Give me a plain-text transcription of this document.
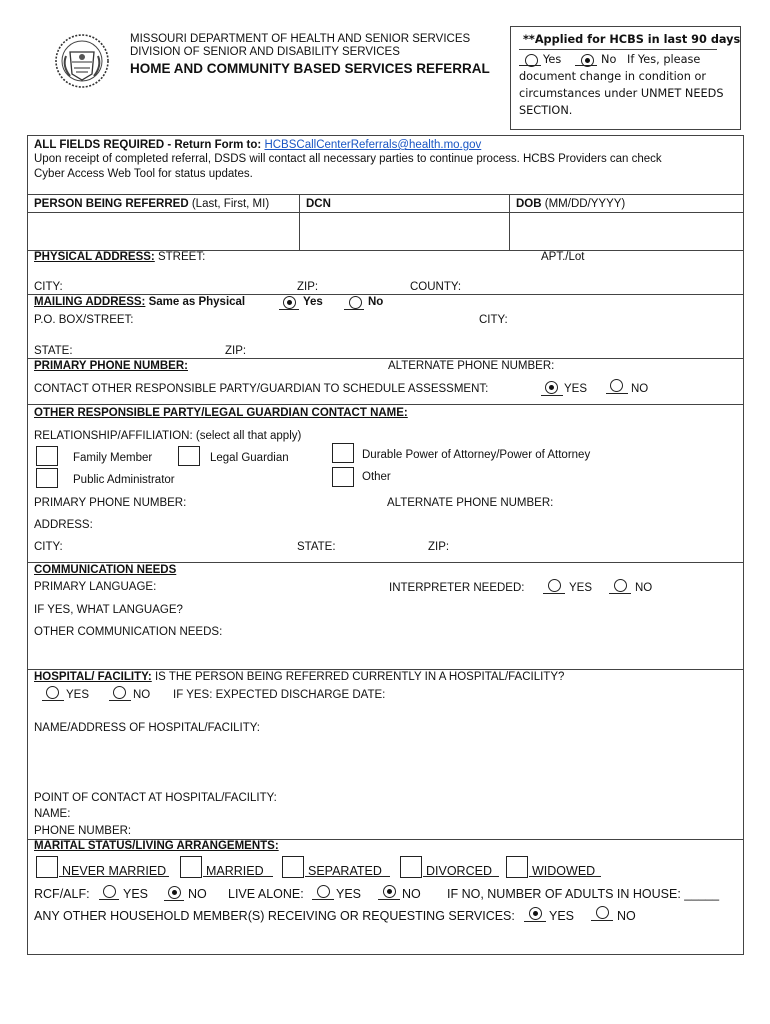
MISSOURI DEPARTMENT OF HEALTH AND SENIOR SERVICES
DIVISION OF SENIOR AND DISABILITY SERVICES
HOME AND COMMUNITY BASED SERVICES REFERRAL
**Applied for HCBS in last 90 days
Yes	No If Yes, please
document change in condition or
circumstances under UNMET NEEDS
SECTION.
ALL FIELDS REQUIRED - Return Form to: HCBSCallCenterReferrals@health.mo.gov
Upon receipt of completed referral, DSDS will contact all necessary parties to continue process. HCBS Providers can check
Cyber Access Web Tool for status updates.
PERSON BEING REFERRED (Last, First, MI)	DCN	DOB (MM/DD/YYYY)
PHYSICAL ADDRESS: STREET:	APT./Lot
CITY:	ZIP:	COUNTY:
MAILING ADDRESS: Same as Physical	Yes	No
P.O. BOX/STREET:	CITY:
STATE:	ZIP:
PRIMARY PHONE NUMBER:	ALTERNATE PHONE NUMBER:
CONTACT OTHER RESPONSIBLE PARTY/GUARDIAN TO SCHEDULE ASSESSMENT:	YES	NO
OTHER RESPONSIBLE PARTY/LEGAL GUARDIAN CONTACT NAME:
RELATIONSHIP/AFFILIATION: (select all that apply)
Family Member	Legal Guardian	Durable Power of Attorney/Power of Attorney
Public Administrator	Other
PRIMARY PHONE NUMBER:	ALTERNATE PHONE NUMBER:
ADDRESS:
CITY:	STATE:	ZIP:
COMMUNICATION NEEDS
PRIMARY LANGUAGE:	INTERPRETER NEEDED:	YES	NO
IF YES, WHAT LANGUAGE?
OTHER COMMUNICATION NEEDS:
HOSPITAL/ FACILITY: IS THE PERSON BEING REFERRED CURRENTLY IN A HOSPITAL/FACILITY?
YES	NO IF YES: EXPECTED DISCHARGE DATE:
NAME/ADDRESS OF HOSPITAL/FACILITY:
POINT OF CONTACT AT HOSPITAL/FACILITY:
NAME:
PHONE NUMBER:
MARITAL STATUS/LIVING ARRANGEMENTS:
NEVER MARRIED	MARRIED	SEPARATED	DIVORCED	WIDOWED
RCF/ALF:	YES	NO LIVE ALONE:	YES	NO IF NO, NUMBER OF ADULTS IN HOUSE: _____
ANY OTHER HOUSEHOLD MEMBER(S) RECEIVING OR REQUESTING SERVICES:	YES	NO
